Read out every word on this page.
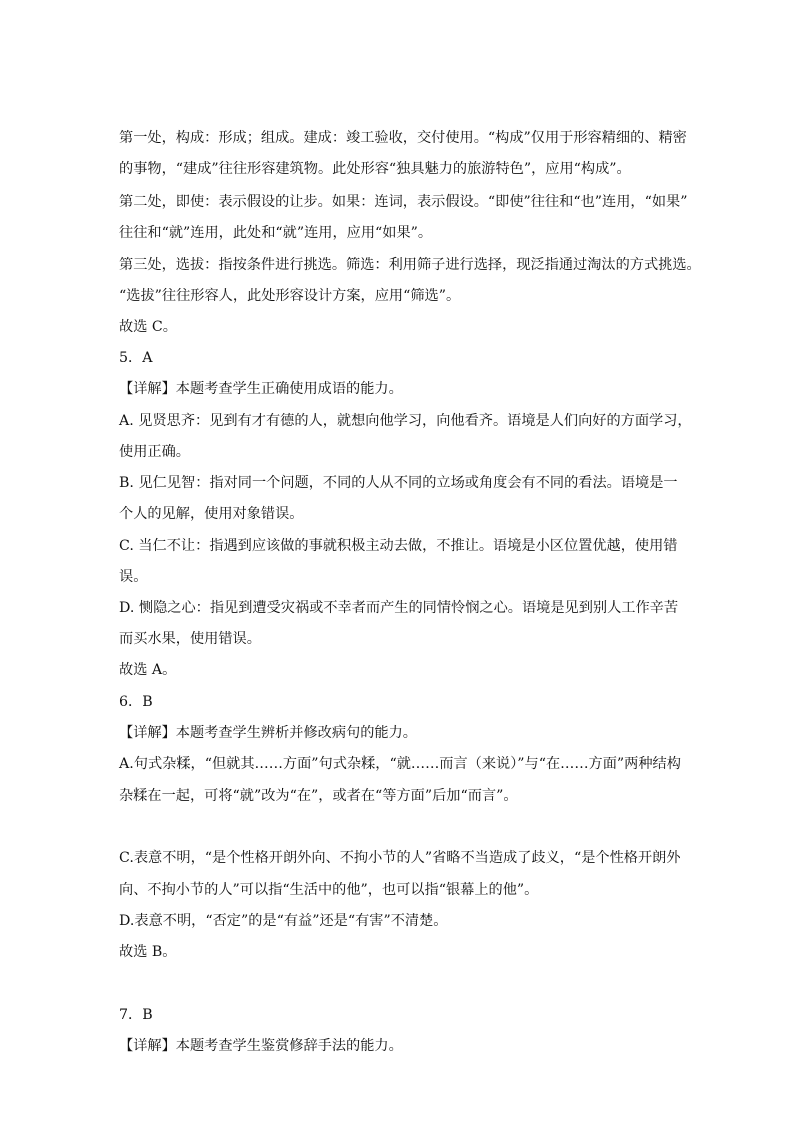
第一处，构成：形成；组成。建成：竣工验收，交付使用。“构成”仅用于形容精细的、精密
的事物，“建成”往往形容建筑物。此处形容“独具魅力的旅游特色”，应用“构成”。
第二处，即使：表示假设的让步。如果：连词，表示假设。“即使”往往和“也”连用，“如果”
往往和“就”连用，此处和“就”连用，应用“如果”。
第三处，选拔：指按条件进行挑选。筛选：利用筛子进行选择，现泛指通过淘汰的方式挑选。
“选拔”往往形容人，此处形容设计方案，应用“筛选”。
故选 C。
5．A
【详解】本题考查学生正确使用成语的能力。
A. 见贤思齐：见到有才有德的人，就想向他学习，向他看齐。语境是人们向好的方面学习，
使用正确。
B. 见仁见智：指对同一个问题，不同的人从不同的立场或角度会有不同的看法。语境是一
个人的见解，使用对象错误。
C. 当仁不让：指遇到应该做的事就积极主动去做，不推让。语境是小区位置优越，使用错
误。
D. 恻隐之心：指见到遭受灾祸或不幸者而产生的同情怜悯之心。语境是见到别人工作辛苦
而买水果，使用错误。
故选 A。
6．B
【详解】本题考查学生辨析并修改病句的能力。
A.句式杂糅，“但就其……方面”句式杂糅，“就……而言（来说）”与“在……方面”两种结构
杂糅在一起，可将“就”改为“在”，或者在“等方面”后加“而言”。
C.表意不明，“是个性格开朗外向、不拘小节的人”省略不当造成了歧义，“是个性格开朗外
向、不拘小节的人”可以指“生活中的他”，也可以指“银幕上的他”。
D.表意不明，“否定”的是“有益”还是“有害”不清楚。
故选 B。
7．B
【详解】本题考查学生鉴赏修辞手法的能力。
